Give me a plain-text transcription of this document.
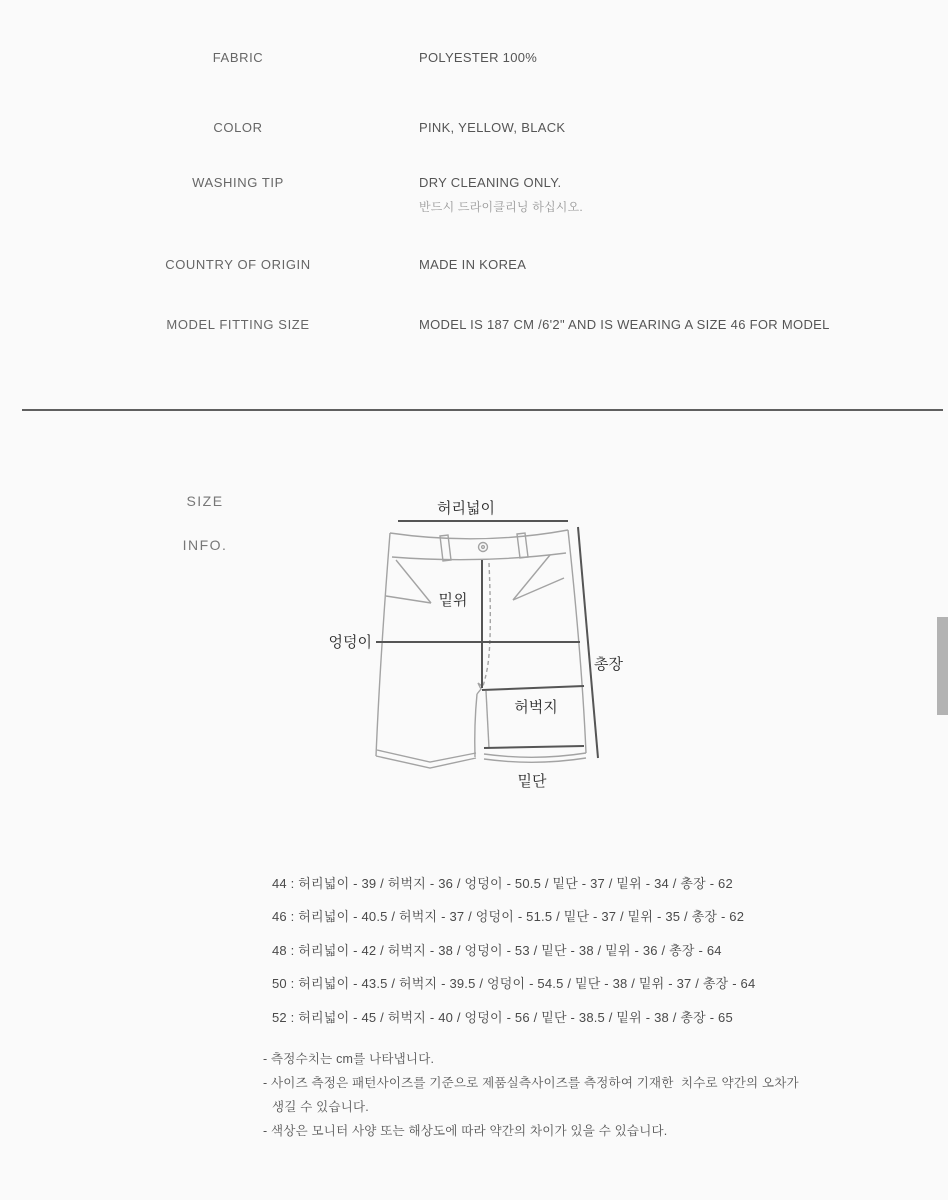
FABRIC	POLYESTER 100%
COLOR	PINK, YELLOW, BLACK
WASHING TIP	DRY CLEANING ONLY.
반드시 드라이클리닝 하십시오.
COUNTRY OF ORIGIN	MADE IN KOREA
MODEL FITTING SIZE	MODEL IS 187 CM /6'2" AND IS WEARING A SIZE 46 FOR MODEL
SIZE
INFO.
허리넓이
밑위
엉덩이
총장
허벅지
밑단
44 : 허리넓이 - 39 / 허벅지 - 36 / 엉덩이 - 50.5 / 밑단 - 37 / 밑위 - 34 / 총장 - 62
46 : 허리넓이 - 40.5 / 허벅지 - 37 / 엉덩이 - 51.5 / 밑단 - 37 / 밑위 - 35 / 총장 - 62
48 : 허리넓이 - 42 / 허벅지 - 38 / 엉덩이 - 53 / 밑단 - 38 / 밑위 - 36 / 총장 - 64
50 : 허리넓이 - 43.5 / 허벅지 - 39.5 / 엉덩이 - 54.5 / 밑단 - 38 / 밑위 - 37 / 총장 - 64
52 : 허리넓이 - 45 / 허벅지 - 40 / 엉덩이 - 56 / 밑단 - 38.5 / 밑위 - 38 / 총장 - 65
- 측정수치는 cm를 나타냅니다.
- 사이즈 측정은 패턴사이즈를 기준으로 제품실측사이즈를 측정하여 기재한  치수로 약간의 오차가
생길 수 있습니다.
- 색상은 모니터 사양 또는 해상도에 따라 약간의 차이가 있을 수 있습니다.
